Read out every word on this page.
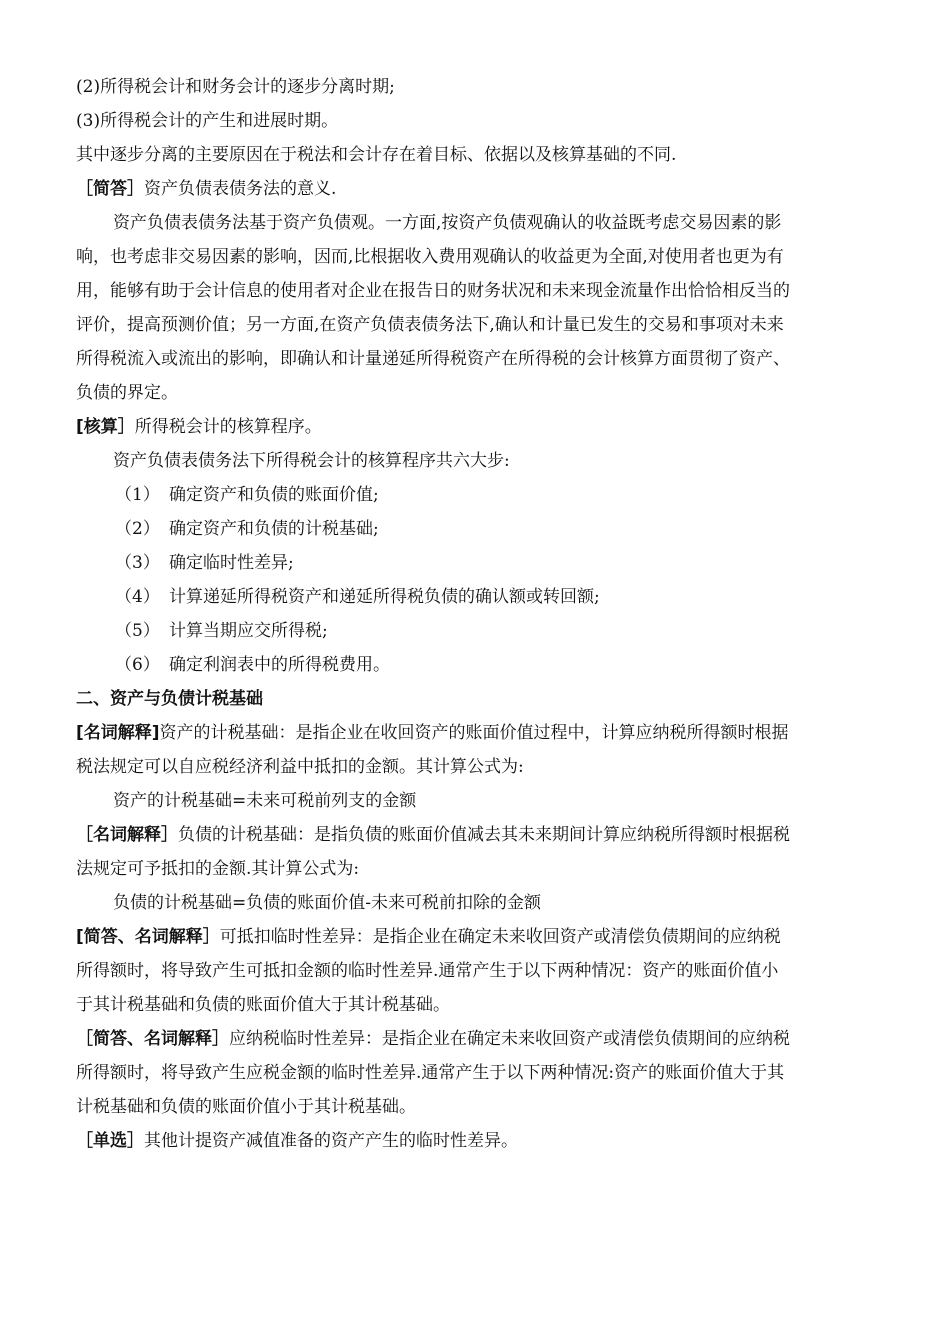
(2)所得税会计和财务会计的逐步分离时期;
(3)所得税会计的产生和进展时期。
其中逐步分离的主要原因在于税法和会计存在着目标、依据以及核算基础的不同.
［简答］资产负债表债务法的意义.
资产负债表债务法基于资产负债观。一方面,按资产负债观确认的收益既考虑交易因素的影
响，也考虑非交易因素的影响，因而,比根据收入费用观确认的收益更为全面,对使用者也更为有
用，能够有助于会计信息的使用者对企业在报告日的财务状况和未来现金流量作出恰恰相反当的
评价，提高预测价值；另一方面,在资产负债表债务法下,确认和计量已发生的交易和事项对未来
所得税流入或流出的影响，即确认和计量递延所得税资产在所得税的会计核算方面贯彻了资产、
负债的界定。
[核算］所得税会计的核算程序。
资产负债表债务法下所得税会计的核算程序共六大步:
（1） 确定资产和负债的账面价值;
（2） 确定资产和负债的计税基础;
（3） 确定临时性差异;
（4） 计算递延所得税资产和递延所得税负债的确认额或转回额;
（5） 计算当期应交所得税;
（6） 确定利润表中的所得税费用。
二、资产与负债计税基础
[名词解释]资产的计税基础：是指企业在收回资产的账面价值过程中，计算应纳税所得额时根据
税法规定可以自应税经济利益中抵扣的金额。其计算公式为:
资产的计税基础=未来可税前列支的金额
［名词解释］负债的计税基础：是指负债的账面价值减去其未来期间计算应纳税所得额时根据税
法规定可予抵扣的金额.其计算公式为:
负债的计税基础=负债的账面价值-未来可税前扣除的金额
[简答、名词解释］可抵扣临时性差异：是指企业在确定未来收回资产或清偿负债期间的应纳税
所得额时，将导致产生可抵扣金额的临时性差异.通常产生于以下两种情况：资产的账面价值小
于其计税基础和负债的账面价值大于其计税基础。
［简答、名词解释］应纳税临时性差异：是指企业在确定未来收回资产或清偿负债期间的应纳税
所得额时，将导致产生应税金额的临时性差异.通常产生于以下两种情况:资产的账面价值大于其
计税基础和负债的账面价值小于其计税基础。
［单选］其他计提资产减值准备的资产产生的临时性差异。
